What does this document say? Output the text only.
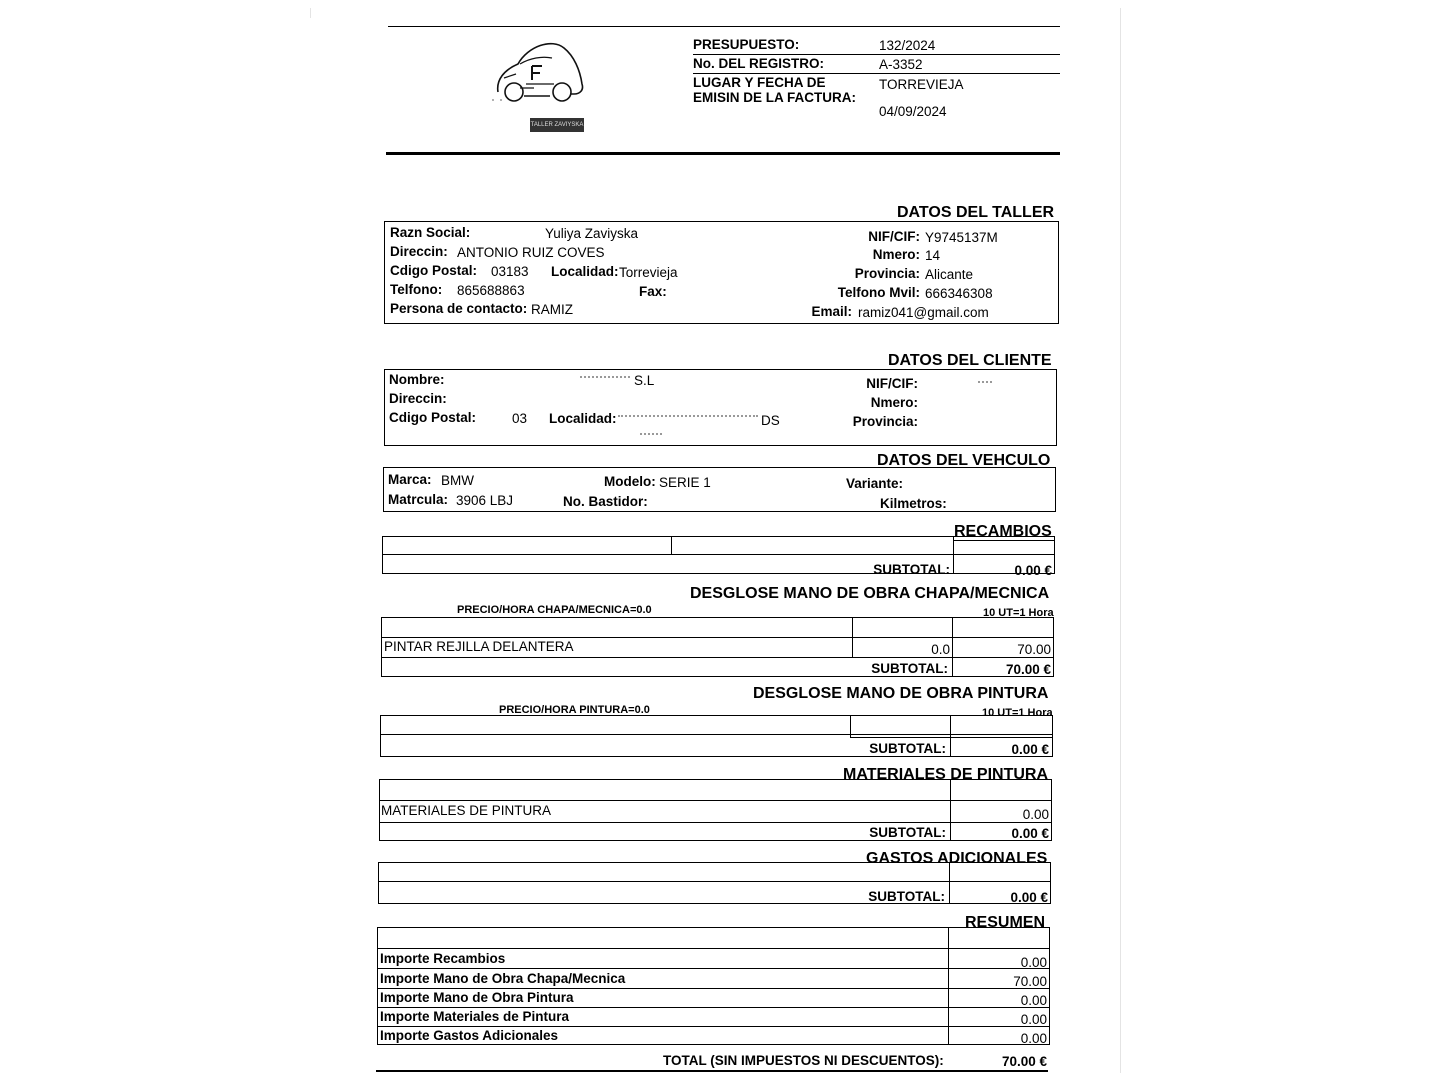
TALLER ZAVIYSKA
PRESUPUESTO:	132/2024
No. DEL REGISTRO:	A-3352
LUGAR Y FECHA DE
EMISIN DE LA FACTURA:
TORREVIEJA
04/09/2024
DATOS DEL TALLER
Razn Social:	Yuliya Zaviyska
Direccin: ANTONIO RUIZ COVES
Cdigo Postal: 03183 Localidad: Torrevieja
Telfono: 865688863	Fax:
Persona de contacto: RAMIZ
NIF/CIF: Y9745137M
Nmero: 14
Provincia: Alicante
Telfono Mvil: 666346308
Email: ramiz041@gmail.com
DATOS DEL CLIENTE
Nombre:	S.L
Direccin:
Cdigo Postal:	03 Localidad:	DS
NIF/CIF:
Nmero:
Provincia:
DATOS DEL VEHCULO
Marca: BMW	Modelo: SERIE 1	Variante:
Matrcula: 3906 LBJ	No. Bastidor:	Kilmetros:
RECAMBIOS
SUBTOTAL:	0.00 €
DESGLOSE MANO DE OBRA CHAPA/MECNICA
PRECIO/HORA CHAPA/MECNICA=0.0	10 UT=1 Hora
PINTAR REJILLA DELANTERA	0.0	70.00
SUBTOTAL:	70.00 €
DESGLOSE MANO DE OBRA PINTURA
PRECIO/HORA PINTURA=0.0	10 UT=1 Hora
SUBTOTAL:	0.00 €
MATERIALES DE PINTURA
MATERIALES DE PINTURA	0.00
SUBTOTAL:	0.00 €
GASTOS ADICIONALES
SUBTOTAL:	0.00 €
RESUMEN
Importe Recambios	0.00
Importe Mano de Obra Chapa/Mecnica	70.00
Importe Mano de Obra Pintura	0.00
Importe Materiales de Pintura	0.00
Importe Gastos Adicionales	0.00
TOTAL (SIN IMPUESTOS NI DESCUENTOS):	70.00 €
